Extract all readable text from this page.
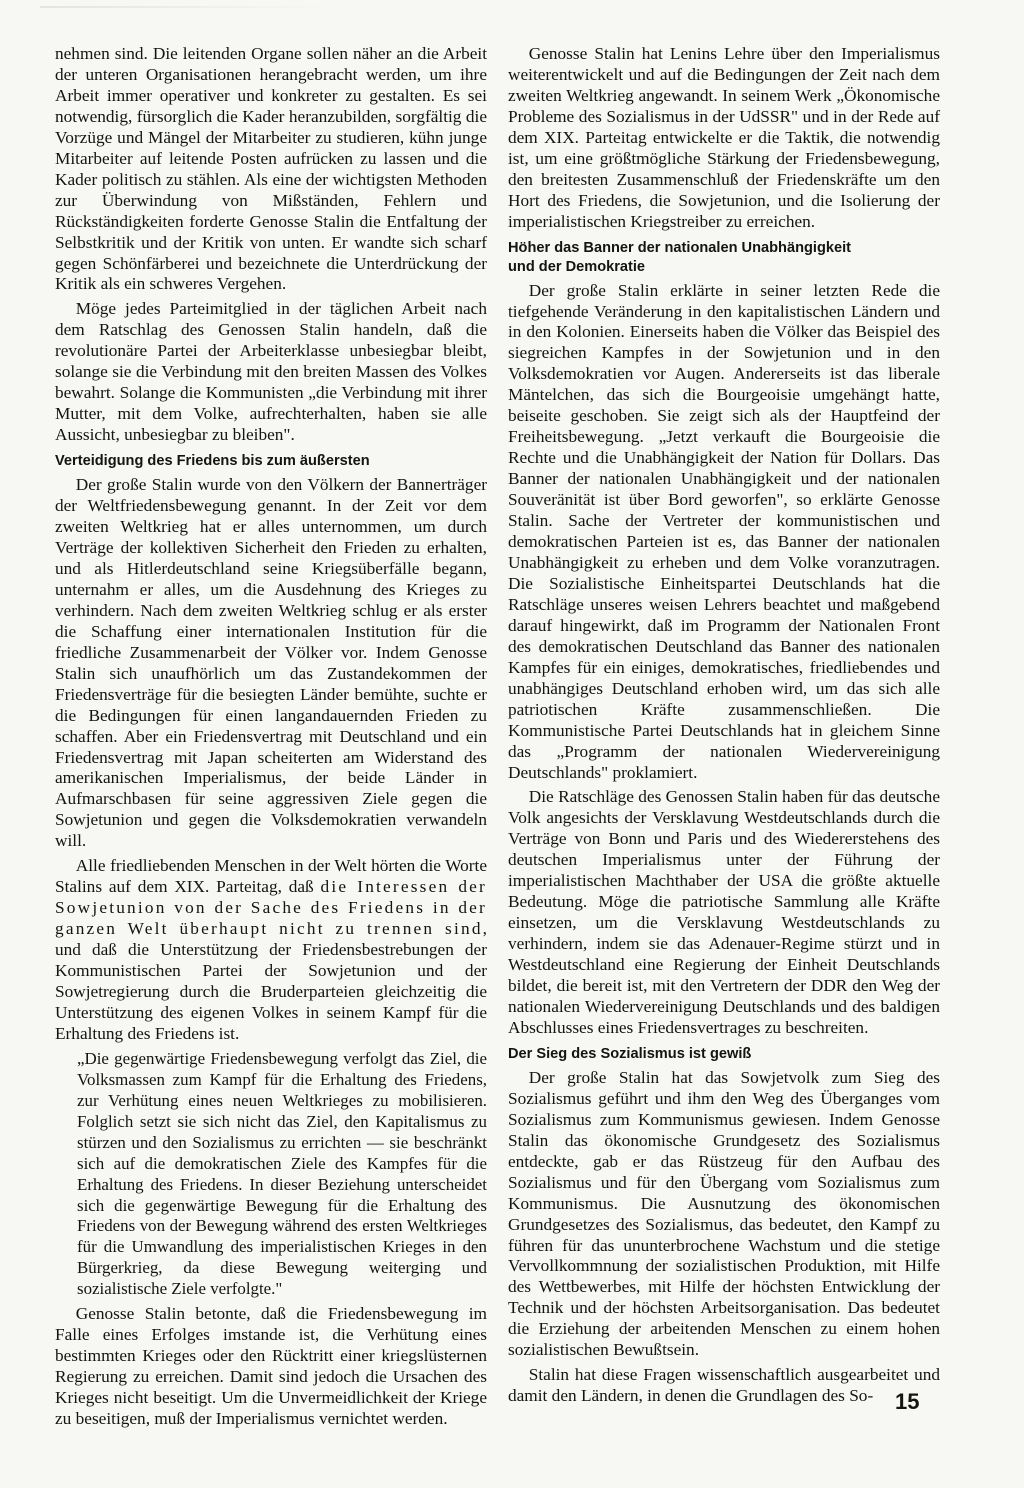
nehmen sind. Die leitenden Organe sollen näher an die Arbeit der unteren Organisationen herangebracht werden, um ihre Arbeit immer operativer und konkreter zu gestalten. Es sei notwendig, fürsorglich die Kader heranzubilden, sorgfältig die Vorzüge und Mängel der Mitarbeiter zu studieren, kühn junge Mitarbeiter auf leitende Posten aufrücken zu lassen und die Kader politisch zu stählen. Als eine der wichtigsten Methoden zur Überwindung von Mißständen, Fehlern und Rückständigkeiten forderte Genosse Stalin die Entfaltung der Selbstkritik und der Kritik von unten. Er wandte sich scharf gegen Schönfärberei und bezeichnete die Unterdrückung der Kritik als ein schweres Vergehen.

Möge jedes Parteimitglied in der täglichen Arbeit nach dem Ratschlag des Genossen Stalin handeln, daß die revolutionäre Partei der Arbeiterklasse unbesiegbar bleibt, solange sie die Verbindung mit den breiten Massen des Volkes bewahrt. Solange die Kommunisten „die Verbindung mit ihrer Mutter, mit dem Volke, aufrechterhalten, haben sie alle Aussicht, unbesiegbar zu bleiben".

Verteidigung des Friedens bis zum äußersten

Der große Stalin wurde von den Völkern der Bannerträger der Weltfriedensbewegung genannt. In der Zeit vor dem zweiten Weltkrieg hat er alles unternommen, um durch Verträge der kollektiven Sicherheit den Frieden zu erhalten, und als Hitlerdeutschland seine Kriegsüberfälle begann, unternahm er alles, um die Ausdehnung des Krieges zu verhindern. Nach dem zweiten Weltkrieg schlug er als erster die Schaffung einer internationalen Institution für die friedliche Zusammenarbeit der Völker vor. Indem Genosse Stalin sich unaufhörlich um das Zustandekommen der Friedensverträge für die besiegten Länder bemühte, suchte er die Bedingungen für einen langandauernden Frieden zu schaffen. Aber ein Friedensvertrag mit Deutschland und ein Friedensvertrag mit Japan scheiterten am Widerstand des amerikanischen Imperialismus, der beide Länder in Aufmarschbasen für seine aggressiven Ziele gegen die Sowjetunion und gegen die Volksdemokratien verwandeln will.

Alle friedliebenden Menschen in der Welt hörten die Worte Stalins auf dem XIX. Parteitag, daß die Interessen der Sowjetunion von der Sache des Friedens in der ganzen Welt überhaupt nicht zu trennen sind, und daß die Unterstützung der Friedensbestrebungen der Kommunistischen Partei der Sowjetunion und der Sowjetregierung durch die Bruderparteien gleichzeitig die Unterstützung des eigenen Volkes in seinem Kampf für die Erhaltung des Friedens ist.

„Die gegenwärtige Friedensbewegung verfolgt das Ziel, die Volksmassen zum Kampf für die Erhaltung des Friedens, zur Verhütung eines neuen Weltkrieges zu mobilisieren. Folglich setzt sie sich nicht das Ziel, den Kapitalismus zu stürzen und den Sozialismus zu errichten — sie beschränkt sich auf die demokratischen Ziele des Kampfes für die Erhaltung des Friedens. In dieser Beziehung unterscheidet sich die gegenwärtige Bewegung für die Erhaltung des Friedens von der Bewegung während des ersten Weltkrieges für die Umwandlung des imperialistischen Krieges in den Bürgerkrieg, da diese Bewegung weiterging und sozialistische Ziele verfolgte."

Genosse Stalin betonte, daß die Friedensbewegung im Falle eines Erfolges imstande ist, die Verhütung eines bestimmten Krieges oder den Rücktritt einer kriegslüsternen Regierung zu erreichen. Damit sind jedoch die Ursachen des Krieges nicht beseitigt. Um die Unvermeidlichkeit der Kriege zu beseitigen, muß der Imperialismus vernichtet werden.

Genosse Stalin hat Lenins Lehre über den Imperialismus weiterentwickelt und auf die Bedingungen der Zeit nach dem zweiten Weltkrieg angewandt. In seinem Werk „Ökonomische Probleme des Sozialismus in der UdSSR" und in der Rede auf dem XIX. Parteitag entwickelte er die Taktik, die notwendig ist, um eine größtmögliche Stärkung der Friedensbewegung, den breitesten Zusammenschluß der Friedenskräfte um den Hort des Friedens, die Sowjetunion, und die Isolierung der imperialistischen Kriegstreiber zu erreichen.

Höher das Banner der nationalen Unabhängigkeit
und der Demokratie

Der große Stalin erklärte in seiner letzten Rede die tiefgehende Veränderung in den kapitalistischen Ländern und in den Kolonien. Einerseits haben die Völker das Beispiel des siegreichen Kampfes in der Sowjetunion und in den Volksdemokratien vor Augen. Andererseits ist das liberale Mäntelchen, das sich die Bourgeoisie umgehängt hatte, beiseite geschoben. Sie zeigt sich als der Hauptfeind der Freiheitsbewegung. „Jetzt verkauft die Bourgeoisie die Rechte und die Unabhängigkeit der Nation für Dollars. Das Banner der nationalen Unabhängigkeit und der nationalen Souveränität ist über Bord geworfen", so erklärte Genosse Stalin. Sache der Vertreter der kommunistischen und demokratischen Parteien ist es, das Banner der nationalen Unabhängigkeit zu erheben und dem Volke voranzutragen. Die Sozialistische Einheitspartei Deutschlands hat die Ratschläge unseres weisen Lehrers beachtet und maßgebend darauf hingewirkt, daß im Programm der Nationalen Front des demokratischen Deutschland das Banner des nationalen Kampfes für ein einiges, demokratisches, friedliebendes und unabhängiges Deutschland erhoben wird, um das sich alle patriotischen Kräfte zusammenschließen. Die Kommunistische Partei Deutschlands hat in gleichem Sinne das „Programm der nationalen Wiedervereinigung Deutschlands" proklamiert.

Die Ratschläge des Genossen Stalin haben für das deutsche Volk angesichts der Versklavung Westdeutschlands durch die Verträge von Bonn und Paris und des Wiedererstehens des deutschen Imperialismus unter der Führung der imperialistischen Machthaber der USA die größte aktuelle Bedeutung. Möge die patriotische Sammlung alle Kräfte einsetzen, um die Versklavung Westdeutschlands zu verhindern, indem sie das Adenauer-Regime stürzt und in Westdeutschland eine Regierung der Einheit Deutschlands bildet, die bereit ist, mit den Vertretern der DDR den Weg der nationalen Wiedervereinigung Deutschlands und des baldigen Abschlusses eines Friedensvertrages zu beschreiten.

Der Sieg des Sozialismus ist gewiß

Der große Stalin hat das Sowjetvolk zum Sieg des Sozialismus geführt und ihm den Weg des Überganges vom Sozialismus zum Kommunismus gewiesen. Indem Genosse Stalin das ökonomische Grundgesetz des Sozialismus entdeckte, gab er das Rüstzeug für den Aufbau des Sozialismus und für den Übergang vom Sozialismus zum Kommunismus. Die Ausnutzung des ökonomischen Grundgesetzes des Sozialismus, das bedeutet, den Kampf zu führen für das ununterbrochene Wachstum und die stetige Vervollkommnung der sozialistischen Produktion, mit Hilfe des Wettbewerbes, mit Hilfe der höchsten Entwicklung der Technik und der höchsten Arbeitsorganisation. Das bedeutet die Erziehung der arbeitenden Menschen zu einem hohen sozialistischen Bewußtsein.

Stalin hat diese Fragen wissenschaftlich ausgearbeitet und damit den Ländern, in denen die Grundlagen des So- 15
